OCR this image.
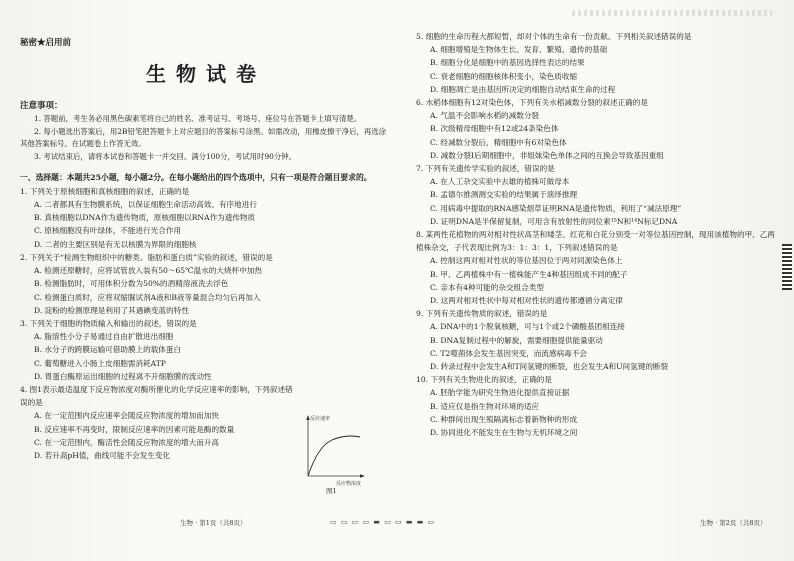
秘密★启用前
生物试卷
注意事项：

1. 答题前，考生务必用黑色碳素笔将自己的姓名、准考证号、考场号、座位号在答题卡上填写清楚。

2. 每小题选出答案后，用2B铅笔把答题卡上对应题目的答案标号涂黑。如需改动，用橡皮擦干净后，再选涂其他答案标号。在试题卷上作答无效。

3. 考试结束后，请将本试卷和答题卡一并交回。满分100分，考试用时90分钟。

一、选择题：本题共25小题，每小题2分。在每小题给出的四个选项中，只有一项是符合题目要求的。
1. 下列关于原核细胞和真核细胞的叙述，正确的是
A. 二者都具有生物膜系统，以保证细胞生命活动高效、有序地进行
B. 真核细胞以DNA作为遗传物质，原核细胞以RNA作为遗传物质
C. 原核细胞没有叶绿体，不能进行光合作用
D. 二者的主要区别是有无以核膜为界限的细胞核
2. 下列关于“检测生物组织中的糖类、脂肪和蛋白质”实验的叙述，错误的是
A. 检测还原糖时，应将试管放入装有50～65℃温水的大烧杯中加热
B. 检测脂肪时，可用体积分数为50%的酒精溶液洗去浮色
C. 检测蛋白质时，应将双缩脲试剂A液和B液等量混合均匀后再加入
D. 淀粉的检测原理是利用了其遇碘变蓝的特性
3. 下列关于细胞的物质输入和输出的叙述，错误的是
A. 脂溶性小分子易通过自由扩散进出细胞
B. 水分子的跨膜运输可借助膜上的载体蛋白
C. 葡萄糖进入小肠上皮细胞需消耗ATP
D. 胃蛋白酶原运出细胞的过程离不开细胞膜的流动性
4. 图1表示最适温度下反应物浓度对酶所催化的化学反应速率的影响，下列叙述错误的是
A. 在一定范围内反应速率会随反应物浓度的增加而加快
B. 反应速率不再变时，限制反应速率的因素可能是酶的数量
C. 在一定范围内，酶活性会随反应物浓度的增大而升高
D. 若升高pH值，曲线可能不会发生变化
反应速率
反应物浓度
图1
5. 细胞的生命历程大都短暂，却对个体的生命有一份贡献。下列相关叙述错误的是
A. 细胞增殖是生物体生长、发育、繁殖、遗传的基础
B. 细胞分化是细胞中的基因选择性表达的结果
C. 衰老细胞的细胞核体积变小，染色质收缩
D. 细胞凋亡是由基因所决定的细胞自动结束生命的过程
6. 水稻体细胞有12对染色体，下列有关水稻减数分裂的叙述正确的是
A. 气温不会影响水稻的减数分裂
B. 次级精母细胞中有12或24条染色体
C. 经减数分裂后，精细胞中有6对染色体
D. 减数分裂Ⅰ后期细胞中，非姐妹染色单体之间的互换会导致基因重组
7. 下列有关遗传学实验的叙述，错误的是
A. 在人工杂交实验中去雄的植株可做母本
B. 孟德尔推测测交实验的结果属于演绎推理
C. 用病毒中提取的RNA感染烟草证明RNA是遗传物质，利用了“减法原理”
D. 证明DNA是半保留复制，可用含有放射性的同位素¹⁵N和¹⁴N标记DNA
8. 某两性花植物的两对相对性状高茎和矮茎、红花和白花分别受一对等位基因控制，现用该植物的甲、乙两植株杂交，子代表现比例为3：1：3：1，下列叙述错误的是
A. 控制这两对相对性状的等位基因位于两对同源染色体上
B. 甲、乙两植株中有一植株能产生4种基因组成不同的配子
C. 亲本有4种可能的杂交组合类型
D. 这两对相对性状中每对相对性状的遗传都遵循分离定律
9. 下列有关遗传物质的叙述，错误的是
A. DNA中的1个脱氧核糖，可与1个或2个磷酸基团相连接
B. DNA复制过程中的解旋，需要细胞提供能量驱动
C. T2噬菌体会发生基因突变，而流感病毒不会
D. 转录过程中会发生A和T间氢键的断裂，也会发生A和U间氢键的断裂
10. 下列有关生物进化的叙述，正确的是
A. 胚胎学能为研究生物进化提供直接证据
B. 适应仅是指生物对环境的适应
C. 种群间出现生殖隔离标志着新物种的形成
D. 协同进化不能发生在生物与无机环境之间
生物 · 第1页（共8页）	▭ ▭ ▭ ▭ ▬ ▭ ▭ ▬ ▬ ▭	生物 · 第2页（共8页）
